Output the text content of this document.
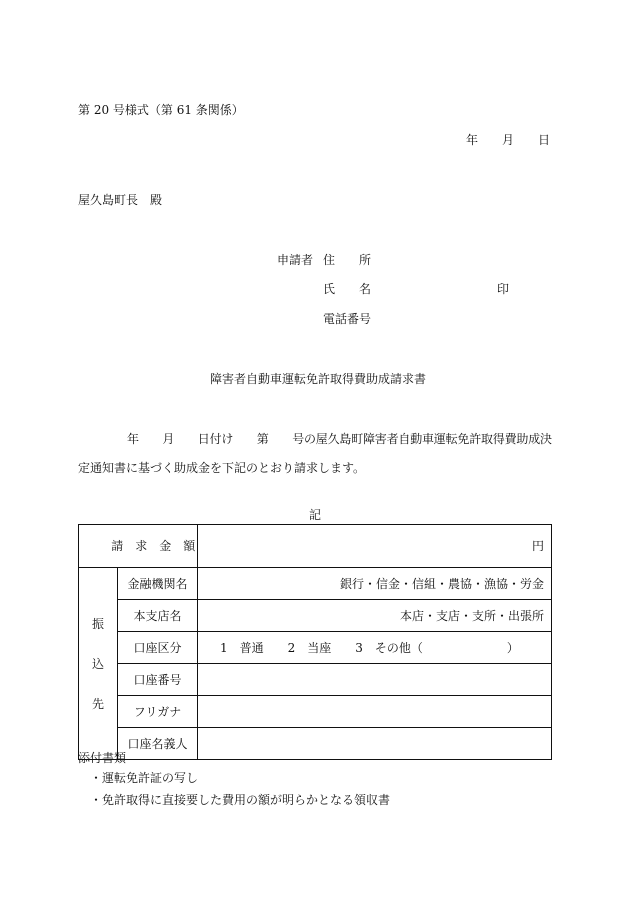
第 20 号様式（第 61 条関係）
年　　月　　日
屋久島町長　殿
申請者 住　　所
氏　　名	印
電話番号
障害者自動車運転免許取得費助成請求書
年　　月　　日付け　　第　　号の屋久島町障害者自動車運転免許取得費助成決
定通知書に基づく助成金を下記のとおり請求します。
記

請　求　金　額		円

振
込
先	金融機関名	銀行・信金・信組・農協・漁協・労金
	本支店名	本店・支店・支所・出張所
	口座区分	1　普通　　2　当座　　3　その他（　　　　　　　）
	口座番号	
	フリガナ	
	口座名義人	
添付書類
・運転免許証の写し
・免許取得に直接要した費用の額が明らかとなる領収書
